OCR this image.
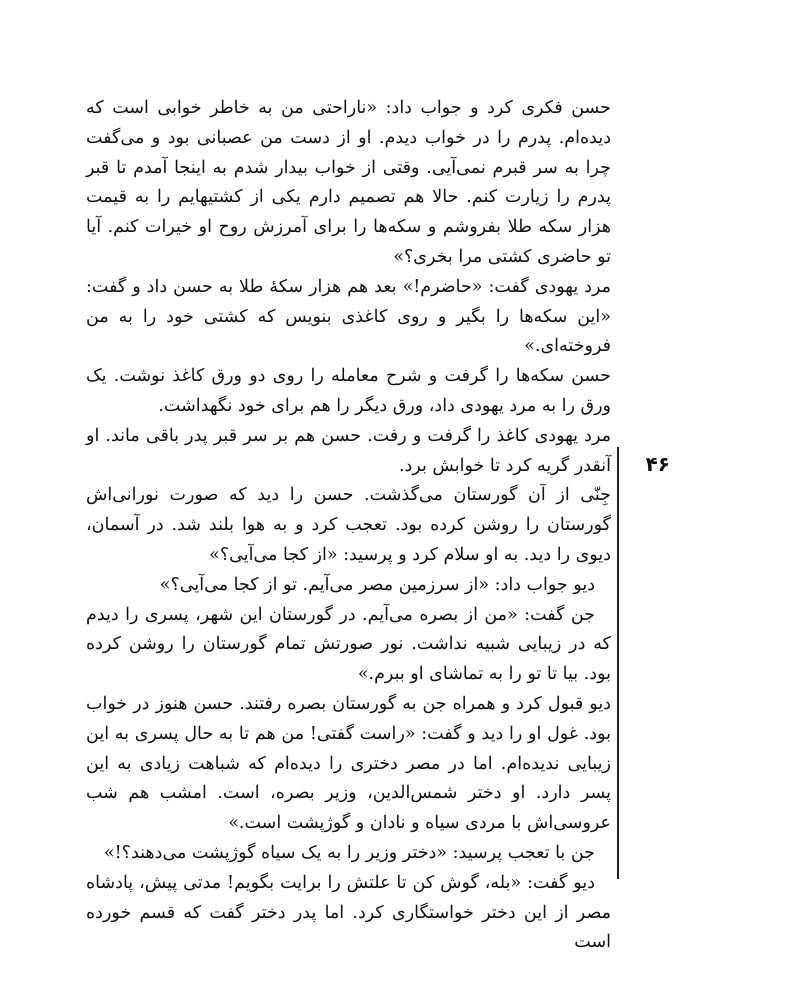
حسن فکری کرد و جواب داد: «ناراحتی من به خاطر خوابی است که دیده‌ام. پدرم را در خواب دیدم. او از دست من عصبانی بود و می‌گفت چرا به سر قبرم نمی‌آیی. وقتی از خواب بیدار شدم به اینجا آمدم تا قبر پدرم را زیارت کنم. حالا هم تصمیم دارم یکی از کشتیهایم را به قیمت هزار سکه طلا بفروشم و سکه‌ها را برای آمرزش روح او خیرات کنم. آیا تو حاضری کشتی مرا بخری؟»

مرد یهودی گفت: «حاضرم!» بعد هم هزار سکهٔ طلا به حسن داد و گفت: «این سکه‌ها را بگیر و روی کاغذی بنویس که کشتی خود را به من فروخته‌ای.»

حسن سکه‌ها را گرفت و شرح معامله را روی دو ورق کاغذ نوشت. یک ورق را به مرد یهودی داد، ورق دیگر را هم برای خود نگهداشت.

مرد یهودی کاغذ را گرفت و رفت. حسن هم بر سر قبر پدر باقی ماند. او آنقدر گریه کرد تا خوابش برد.

جِنّی از آن گورستان می‌گذشت. حسن را دید که صورت نورانی‌اش گورستان را روشن کرده بود. تعجب کرد و به هوا بلند شد. در آسمان، دیوی را دید. به او سلام کرد و پرسید: «از کجا می‌آیی؟»

دیو جواب داد: «از سرزمین مصر می‌آیم. تو از کجا می‌آیی؟»

جن گفت: «من از بصره می‌آیم. در گورستان این شهر، پسری را دیدم که در زیبایی شبیه نداشت. نور صورتش تمام گورستان را روشن کرده بود. بیا تا تو را به تماشای او ببرم.»

دیو قبول کرد و همراه جن به گورستان بصره رفتند. حسن هنوز در خواب بود. غول او را دید و گفت: «راست گفتی! من هم تا به حال پسری به این زیبایی ندیده‌ام. اما در مصر دختری را دیده‌ام که شباهت زیادی به این پسر دارد. او دختر شمس‌الدین، وزیر بصره، است. امشب هم شب عروسی‌اش با مردی سیاه و نادان و گوژپشت است.»

جن با تعجب پرسید: «دختر وزیر را به یک سیاه گوژپشت می‌دهند؟!»

دیو گفت: «بله، گوش کن تا علتش را برایت بگویم! مدتی پیش، پادشاه مصر از این دختر خواستگاری کرد. اما پدر دختر گفت که قسم خورده است

۴۶
